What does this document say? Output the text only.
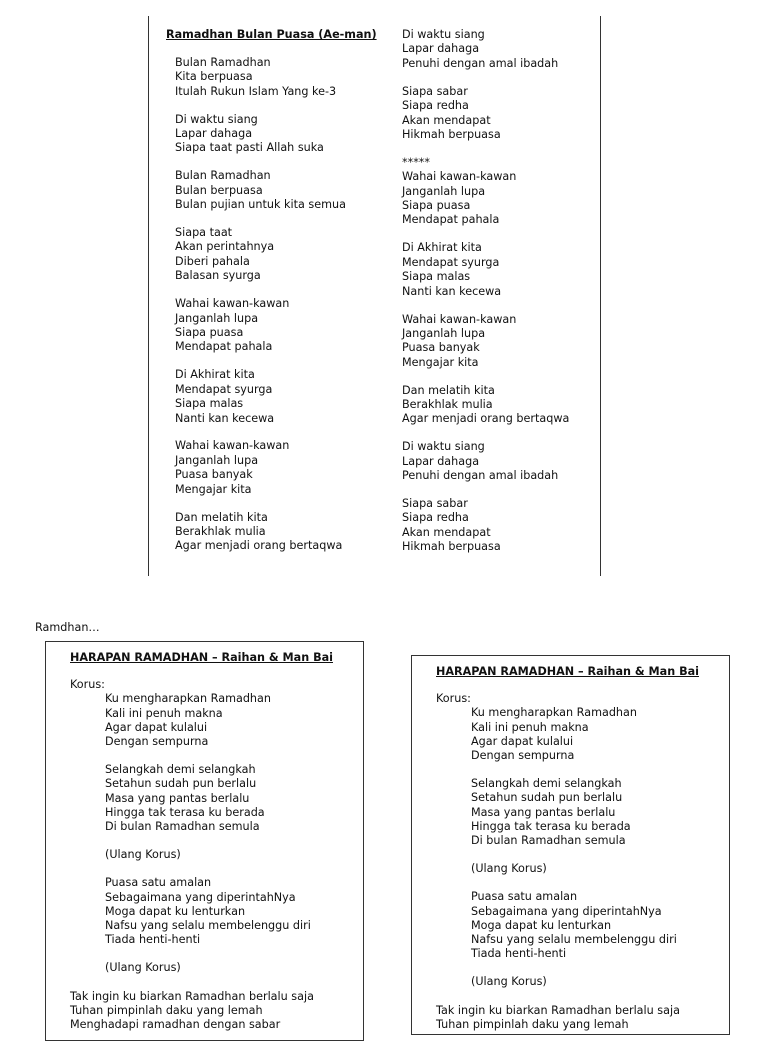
Ramadhan Bulan Puasa (Ae-man)
Bulan Ramadhan
Kita berpuasa
Itulah Rukun Islam Yang ke-3
Di waktu siang
Lapar dahaga
Siapa taat pasti Allah suka
Bulan Ramadhan
Bulan berpuasa
Bulan pujian untuk kita semua
Siapa taat
Akan perintahnya
Diberi pahala
Balasan syurga
Wahai kawan-kawan
Janganlah lupa
Siapa puasa
Mendapat pahala
Di Akhirat kita
Mendapat syurga
Siapa malas
Nanti kan kecewa
Wahai kawan-kawan
Janganlah lupa
Puasa banyak
Mengajar kita
Dan melatih kita
Berakhlak mulia
Agar menjadi orang bertaqwa
Di waktu siang
Lapar dahaga
Penuhi dengan amal ibadah
Siapa sabar
Siapa redha
Akan mendapat
Hikmah berpuasa
*****
Wahai kawan-kawan
Janganlah lupa
Siapa puasa
Mendapat pahala
Di Akhirat kita
Mendapat syurga
Siapa malas
Nanti kan kecewa
Wahai kawan-kawan
Janganlah lupa
Puasa banyak
Mengajar kita
Dan melatih kita
Berakhlak mulia
Agar menjadi orang bertaqwa
Di waktu siang
Lapar dahaga
Penuhi dengan amal ibadah
Siapa sabar
Siapa redha
Akan mendapat
Hikmah berpuasa
Ramdhan…
HARAPAN RAMADHAN – Raihan & Man Bai
Korus:
Ku mengharapkan Ramadhan
Kali ini penuh makna
Agar dapat kulalui
Dengan sempurna
Selangkah demi selangkah
Setahun sudah pun berlalu
Masa yang pantas berlalu
Hingga tak terasa ku berada
Di bulan Ramadhan semula
(Ulang Korus)
Puasa satu amalan
Sebagaimana yang diperintahNya
Moga dapat ku lenturkan
Nafsu yang selalu membelenggu diri
Tiada henti-henti
(Ulang Korus)
Tak ingin ku biarkan Ramadhan berlalu saja
Tuhan pimpinlah daku yang lemah
Menghadapi ramadhan dengan sabar
HARAPAN RAMADHAN – Raihan & Man Bai
Korus:
Ku mengharapkan Ramadhan
Kali ini penuh makna
Agar dapat kulalui
Dengan sempurna
Selangkah demi selangkah
Setahun sudah pun berlalu
Masa yang pantas berlalu
Hingga tak terasa ku berada
Di bulan Ramadhan semula
(Ulang Korus)
Puasa satu amalan
Sebagaimana yang diperintahNya
Moga dapat ku lenturkan
Nafsu yang selalu membelenggu diri
Tiada henti-henti
(Ulang Korus)
Tak ingin ku biarkan Ramadhan berlalu saja
Tuhan pimpinlah daku yang lemah
